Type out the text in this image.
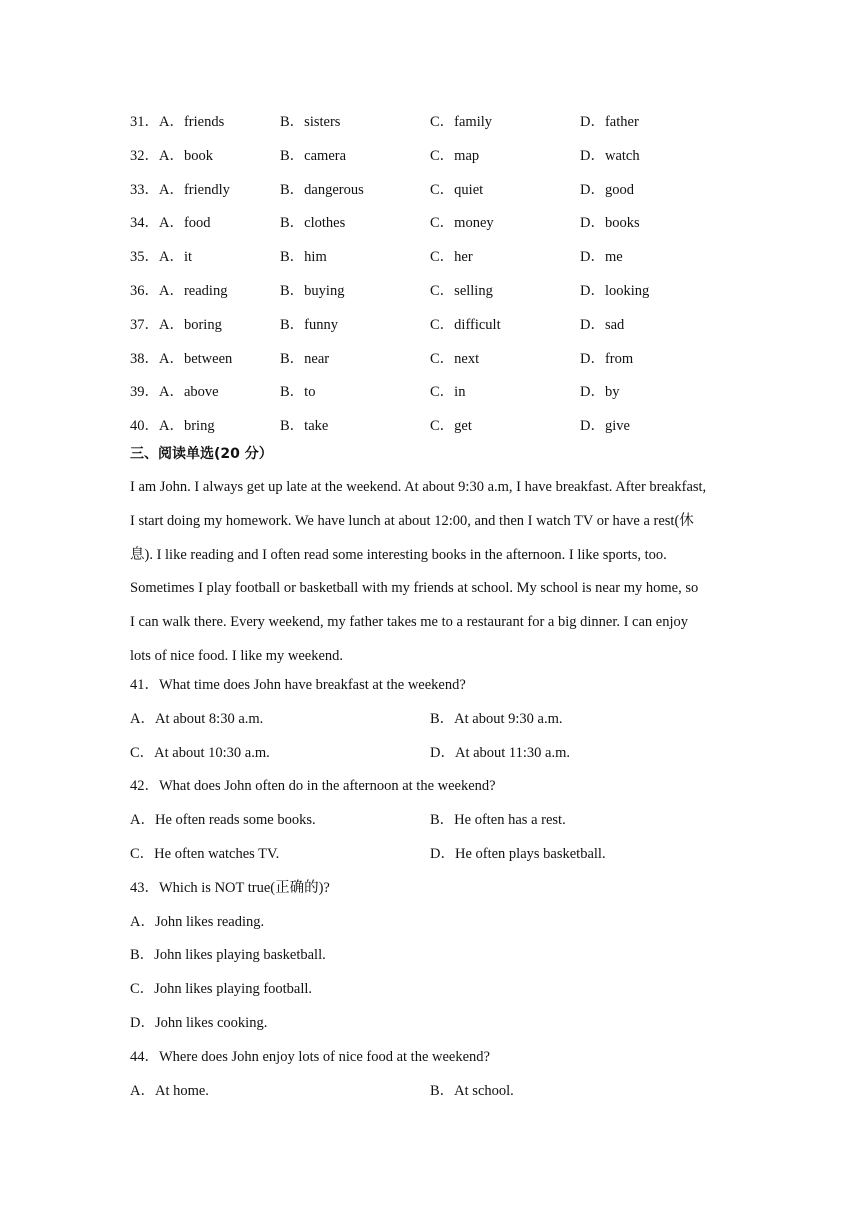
31．A．friends	B．sisters	C．family	D．father
32．A．book	B．camera	C．map	D．watch
33．A．friendly	B．dangerous	C．quiet	D．good
34．A．food	B．clothes	C．money	D．books
35．A．it	B．him	C．her	D．me
36．A．reading	B．buying	C．selling	D．looking
37．A．boring	B．funny	C．difficult	D．sad
38．A．between	B．near	C．next	D．from
39．A．above	B．to	C．in	D．by
40．A．bring	B．take	C．get	D．give
三、阅读单选(20 分）
I am John. I always get up late at the weekend. At about 9:30 a.m, I have breakfast. After breakfast,
I start doing my homework. We have lunch at about 12:00, and then I watch TV or have a rest(休
息). I like reading and I often read some interesting books in the afternoon. I like sports, too.
Sometimes I play football or basketball with my friends at school. My school is near my home, so
I can walk there. Every weekend, my father takes me to a restaurant for a big dinner. I can enjoy
lots of nice food. I like my weekend.
41．What time does John have breakfast at the weekend?
A．At about 8:30 a.m.	B．At about 9:30 a.m.
C．At about 10:30 a.m.	D．At about 11:30 a.m.
42．What does John often do in the afternoon at the weekend?
A．He often reads some books.	B．He often has a rest.
C．He often watches TV.	D．He often plays basketball.
43．Which is NOT true(正确的)?
A．John likes reading.
B．John likes playing basketball.
C．John likes playing football.
D．John likes cooking.
44．Where does John enjoy lots of nice food at the weekend?
A．At home.	B．At school.
